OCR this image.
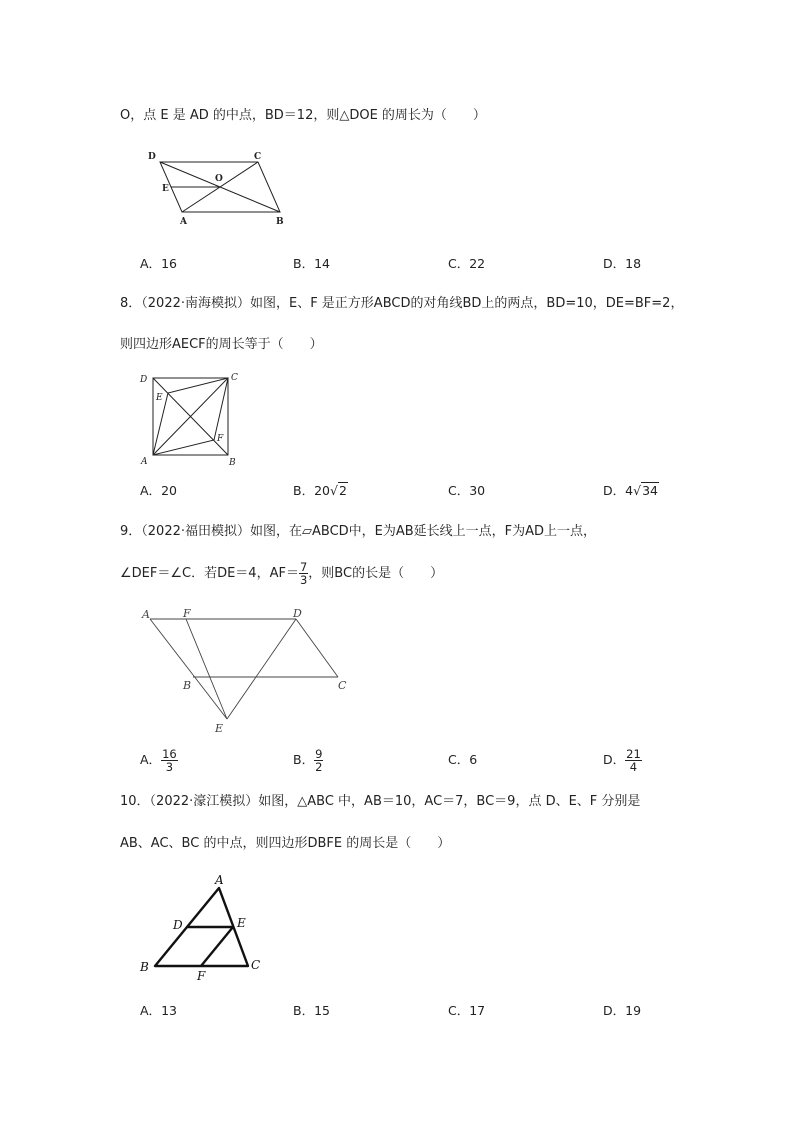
O，点 E 是 AD 的中点，BD＝12，则△DOE 的周长为（　　）
D	C
O
E
A	B
A．16	B．14	C．22	D．18
8．（2022·南海模拟）如图，E、F 是正方形ABCD的对角线BD上的两点，BD=10，DE=BF=2，
则四边形AECF的周长等于（　　）
D	C
E
F
A	B
A．20	B．20√2	C．30	D．4√34
9．（2022·福田模拟）如图，在▱ABCD中，E为AB延长线上一点，F为AD上一点，
∠DEF＝∠C．若DE＝4，$AF= \frac{7}{3}$ ，则BC的长是（　　）
A	F	D
B	C
E
A． $\frac{16}{3}$	B． $\frac{9}{2}$	C．6	D． $\frac{21}{4}$
10．（2022·濠江模拟）如图，△ABC 中，AB＝10，AC＝7，BC＝9，点 D、E、F 分别是
AB、AC、BC 的中点，则四边形DBFE 的周长是（　　）
A
D	E
B
F
C
A．13	B．15	C．17	D．19
